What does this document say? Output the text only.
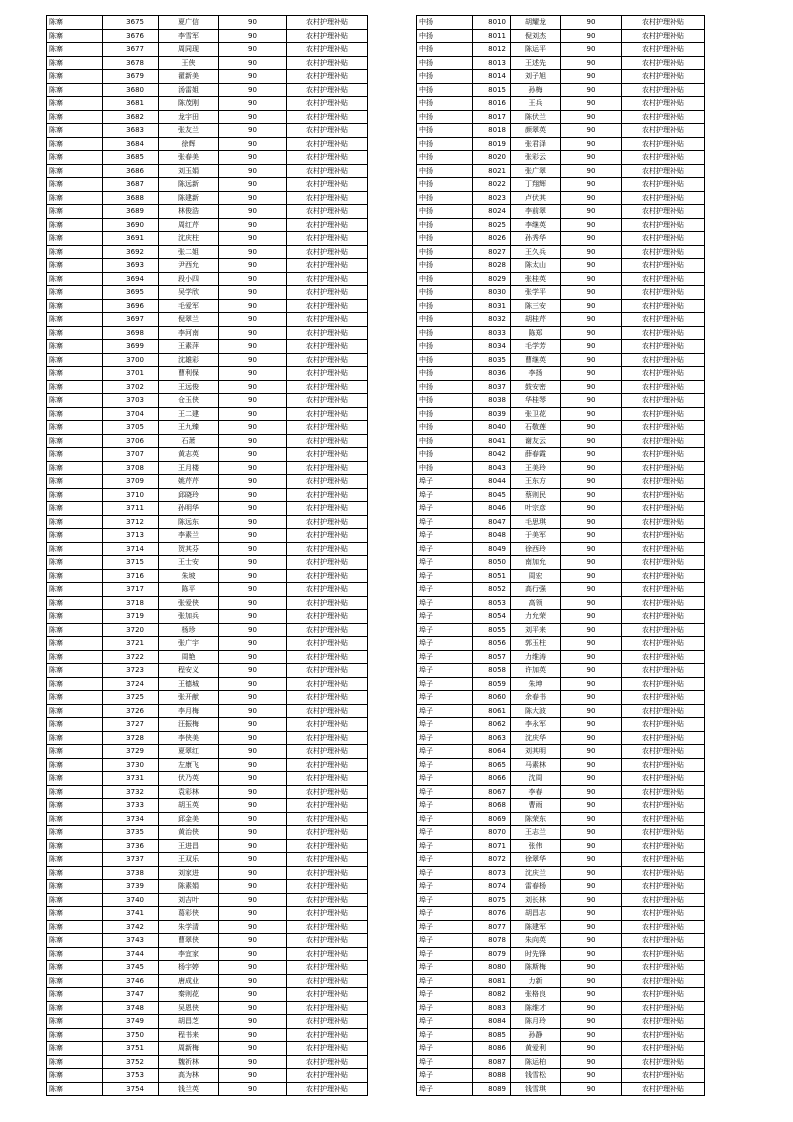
陈寨	3675	夏广信	90	农村护理补贴
陈寨	3676	李雪军	90	农村护理补贴
陈寨	3677	周同现	90	农村护理补贴
陈寨	3678	王侠	90	农村护理补贴
陈寨	3679	翟新美	90	农村护理补贴
陈寨	3680	汤雷姐	90	农村护理补贴
陈寨	3681	陈茂刚	90	农村护理补贴
陈寨	3682	龙宇田	90	农村护理补贴
陈寨	3683	张友兰	90	农村护理补贴
陈寨	3684	徐辉	90	农村护理补贴
陈寨	3685	张春美	90	农村护理补贴
陈寨	3686	刘玉娟	90	农村护理补贴
陈寨	3687	陈远新	90	农村护理补贴
陈寨	3688	陈建新	90	农村护理补贴
陈寨	3689	林俊浩	90	农村护理补贴
陈寨	3690	周红芹	90	农村护理补贴
陈寨	3691	沈庆柱	90	农村护理补贴
陈寨	3692	张二姐	90	农村护理补贴
陈寨	3693	尹西允	90	农村护理补贴
陈寨	3694	段小四	90	农村护理补贴
陈寨	3695	吴学欣	90	农村护理补贴
陈寨	3696	毛爱军	90	农村护理补贴
陈寨	3697	倪翠兰	90	农村护理补贴
陈寨	3698	李河南	90	农村护理补贴
陈寨	3699	王素萍	90	农村护理补贴
陈寨	3700	沈雄彩	90	农村护理补贴
陈寨	3701	曹利保	90	农村护理补贴
陈寨	3702	王远俊	90	农村护理补贴
陈寨	3703	仓玉侠	90	农村护理补贴
陈寨	3704	王二建	90	农村护理补贴
陈寨	3705	王九臻	90	农村护理补贴
陈寨	3706	石萧	90	农村护理补贴
陈寨	3707	黄志英	90	农村护理补贴
陈寨	3708	王月楼	90	农村护理补贴
陈寨	3709	姚芹芹	90	农村护理补贴
陈寨	3710	邱晓玲	90	农村护理补贴
陈寨	3711	孙明华	90	农村护理补贴
陈寨	3712	陈远东	90	农村护理补贴
陈寨	3713	李素兰	90	农村护理补贴
陈寨	3714	贺其芬	90	农村护理补贴
陈寨	3715	王士安	90	农村护理补贴
陈寨	3716	朱坡	90	农村护理补贴
陈寨	3717	陈平	90	农村护理补贴
陈寨	3718	张爱侠	90	农村护理补贴
陈寨	3719	张加兵	90	农村护理补贴
陈寨	3720	杨珍	90	农村护理补贴
陈寨	3721	张广宇	90	农村护理补贴
陈寨	3722	周艳	90	农村护理补贴
陈寨	3723	程安义	90	农村护理补贴
陈寨	3724	王德城	90	农村护理补贴
陈寨	3725	张开献	90	农村护理补贴
陈寨	3726	李月梅	90	农村护理补贴
陈寨	3727	汪振梅	90	农村护理补贴
陈寨	3728	李侠美	90	农村护理补贴
陈寨	3729	夏翠红	90	农村护理补贴
陈寨	3730	左康飞	90	农村护理补贴
陈寨	3731	伏乃英	90	农村护理补贴
陈寨	3732	袁彩林	90	农村护理补贴
陈寨	3733	胡玉英	90	农村护理补贴
陈寨	3734	邱金美	90	农村护理补贴
陈寨	3735	黄治侠	90	农村护理补贴
陈寨	3736	王进昌	90	农村护理补贴
陈寨	3737	王双乐	90	农村护理补贴
陈寨	3738	刘家进	90	农村护理补贴
陈寨	3739	陈素娟	90	农村护理补贴
陈寨	3740	刘吉叶	90	农村护理补贴
陈寨	3741	葛彩侠	90	农村护理补贴
陈寨	3742	朱学清	90	农村护理补贴
陈寨	3743	曹翠侠	90	农村护理补贴
陈寨	3744	李宜家	90	农村护理补贴
陈寨	3745	杨宇婷	90	农村护理补贴
陈寨	3746	唐成业	90	农村护理补贴
陈寨	3747	秦则花	90	农村护理补贴
陈寨	3748	吴恩侠	90	农村护理补贴
陈寨	3749	胡昌芝	90	农村护理补贴
陈寨	3750	程书来	90	农村护理补贴
陈寨	3751	周新梅	90	农村护理补贴
陈寨	3752	魏祈林	90	农村护理补贴
陈寨	3753	高为林	90	农村护理补贴
陈寨	3754	钱兰英	90	农村护理补贴
中扬	8010	胡耀龙	90	农村护理补贴
中扬	8011	倪刘杰	90	农村护理补贴
中扬	8012	陈运平	90	农村护理补贴
中扬	8013	王述先	90	农村护理补贴
中扬	8014	刘子旭	90	农村护理补贴
中扬	8015	孙梅	90	农村护理补贴
中扬	8016	王兵	90	农村护理补贴
中扬	8017	陈伏兰	90	农村护理补贴
中扬	8018	颜翠英	90	农村护理补贴
中扬	8019	张君泽	90	农村护理补贴
中扬	8020	张彩云	90	农村护理补贴
中扬	8021	张广翠	90	农村护理补贴
中扬	8022	丁翔辉	90	农村护理补贴
中扬	8023	卢伏其	90	农村护理补贴
中扬	8024	李前翠	90	农村护理补贴
中扬	8025	李继英	90	农村护理补贴
中扬	8026	孙秀华	90	农村护理补贴
中扬	8027	王久兵	90	农村护理补贴
中扬	8028	陈太山	90	农村护理补贴
中扬	8029	张桂英	90	农村护理补贴
中扬	8030	张学平	90	农村护理补贴
中扬	8031	陈三安	90	农村护理补贴
中扬	8032	胡桂芹	90	农村护理补贴
中扬	8033	陈郑	90	农村护理补贴
中扬	8034	毛学芳	90	农村护理补贴
中扬	8035	曹继英	90	农村护理补贴
中扬	8036	李扬	90	农村护理补贴
中扬	8037	鼓安密	90	农村护理补贴
中扬	8038	华桂琴	90	农村护理补贴
中扬	8039	张卫花	90	农村护理补贴
中扬	8040	石敬莲	90	农村护理补贴
中扬	8041	谢友云	90	农村护理补贴
中扬	8042	薛春霞	90	农村护理补贴
中扬	8043	王美玲	90	农村护理补贴
埠子	8044	王东方	90	农村护理补贴
埠子	8045	蔡则民	90	农村护理补贴
埠子	8046	叶宗彦	90	农村护理补贴
埠子	8047	毛思琪	90	农村护理补贴
埠子	8048	于美军	90	农村护理补贴
埠子	8049	徐西玲	90	农村护理补贴
埠子	8050	南加允	90	农村护理补贴
埠子	8051	周宏	90	农村护理补贴
埠子	8052	高行强	90	农村护理补贴
埠子	8053	高领	90	农村护理补贴
埠子	8054	力允荣	90	农村护理补贴
埠子	8055	刘平来	90	农村护理补贴
埠子	8056	郭玉柱	90	农村护理补贴
埠子	8057	力维涛	90	农村护理补贴
埠子	8058	许加英	90	农村护理补贴
埠子	8059	朱坤	90	农村护理补贴
埠子	8060	余春书	90	农村护理补贴
埠子	8061	陈大波	90	农村护理补贴
埠子	8062	李永军	90	农村护理补贴
埠子	8063	沈庆华	90	农村护理补贴
埠子	8064	刘其明	90	农村护理补贴
埠子	8065	马素林	90	农村护理补贴
埠子	8066	沈周	90	农村护理补贴
埠子	8067	李春	90	农村护理补贴
埠子	8068	曹雨	90	农村护理补贴
埠子	8069	陈荣东	90	农村护理补贴
埠子	8070	王志兰	90	农村护理补贴
埠子	8071	张伟	90	农村护理补贴
埠子	8072	徐翠华	90	农村护理补贴
埠子	8073	沈庆兰	90	农村护理补贴
埠子	8074	雷春杨	90	农村护理补贴
埠子	8075	刘长林	90	农村护理补贴
埠子	8076	胡昌志	90	农村护理补贴
埠子	8077	陈建军	90	农村护理补贴
埠子	8078	朱向英	90	农村护理补贴
埠子	8079	时先锋	90	农村护理补贴
埠子	8080	陈斯梅	90	农村护理补贴
埠子	8081	力新	90	农村护理补贴
埠子	8082	张格良	90	农村护理补贴
埠子	8083	陈维才	90	农村护理补贴
埠子	8084	陈月玲	90	农村护理补贴
埠子	8085	孙静	90	农村护理补贴
埠子	8086	黄爱利	90	农村护理补贴
埠子	8087	陈运柏	90	农村护理补贴
埠子	8088	钱雪松	90	农村护理补贴
埠子	8089	钱雪琪	90	农村护理补贴
